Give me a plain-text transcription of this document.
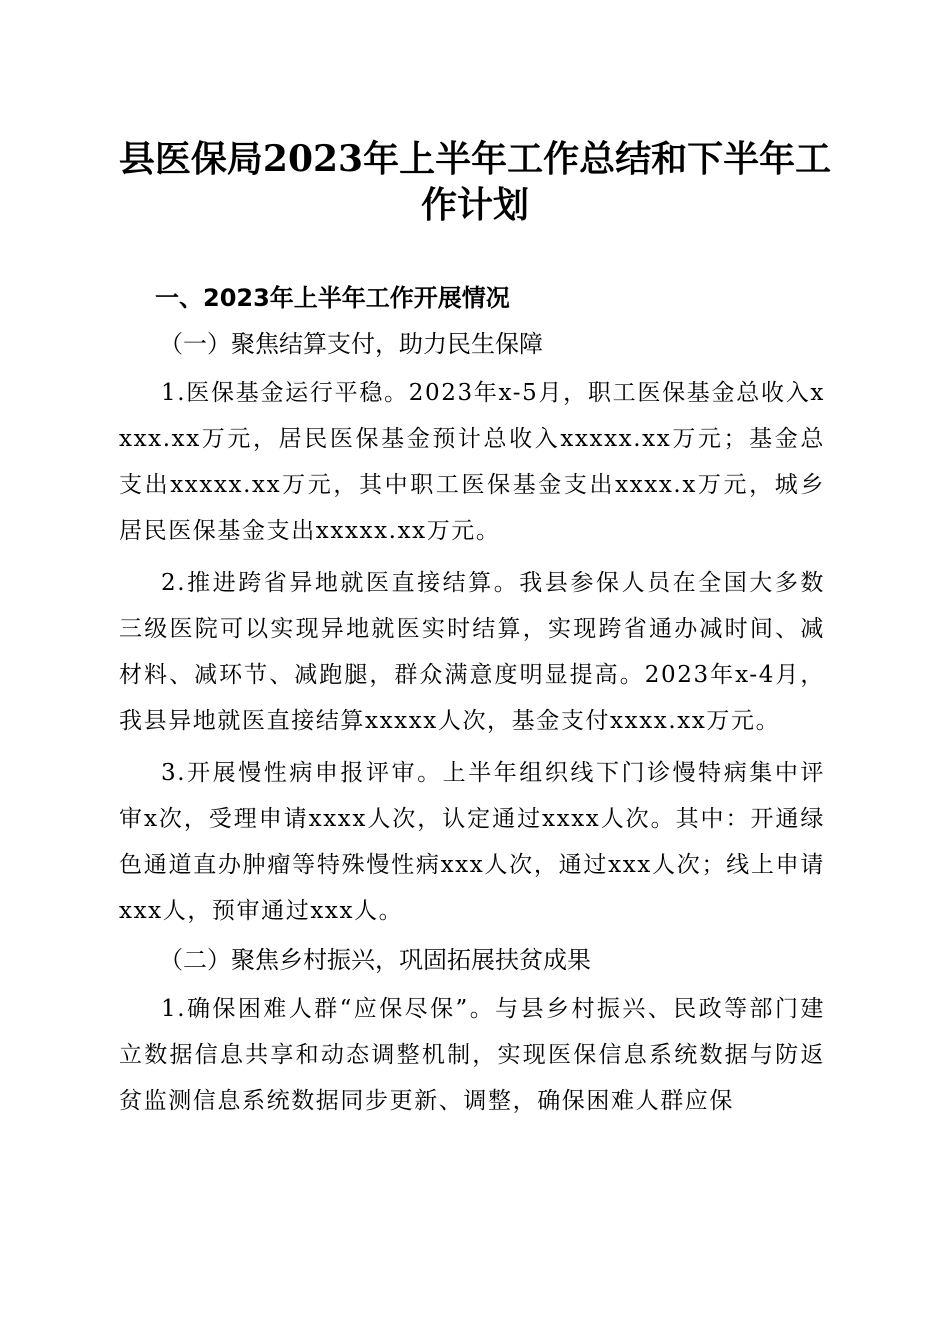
县医保局2023年上半年工作总结和下半年工
作计划
一、2023年上半年工作开展情况
（一）聚焦结算支付，助力民生保障

1.医保基金运行平稳。2023年x-5月，职工医保基金总收入xxxx.xx万元，居民医保基金预计总收入xxxxx.xx万元；基金总支出xxxxx.xx万元，其中职工医保基金支出xxxx.x万元，城乡居民医保基金支出xxxxx.xx万元。

2.推进跨省异地就医直接结算。我县参保人员在全国大多数三级医院可以实现异地就医实时结算，实现跨省通办减时间、减材料、减环节、减跑腿，群众满意度明显提高。2023年x-4月，我县异地就医直接结算xxxxx人次，基金支付xxxx.xx万元。

3.开展慢性病申报评审。上半年组织线下门诊慢特病集中评审x次，受理申请xxxx人次，认定通过xxxx人次。其中：开通绿色通道直办肿瘤等特殊慢性病xxx人次，通过xxx人次；线上申请xxx人，预审通过xxx人。

（二）聚焦乡村振兴，巩固拓展扶贫成果

1.确保困难人群“应保尽保”。与县乡村振兴、民政等部门建立数据信息共享和动态调整机制，实现医保信息系统数据与防返贫监测信息系统数据同步更新、调整，确保困难人群应保
